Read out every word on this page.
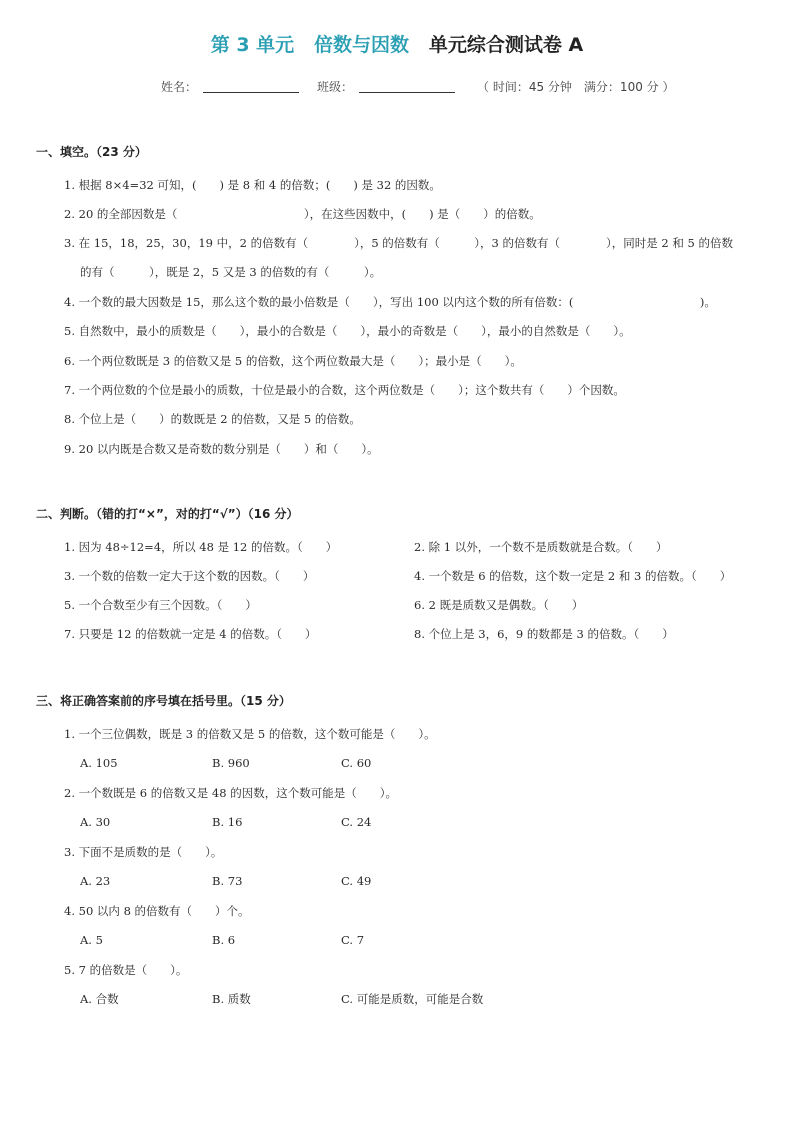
第 3 单元 倍数与因数 单元综合测试卷 A
姓名：	班级：	（ 时间：45 分钟　满分：100 分 ）
一、填空。（23 分）
1. 根据 8×4=32 可知，(　　) 是 8 和 4 的倍数；(　　) 是 32 的因数。
2. 20 的全部因数是（　　　　　　　　　　　），在这些因数中，(　　) 是（　　）的倍数。
3. 在 15，18，25，30，19 中，2 的倍数有（　　　　），5 的倍数有（　　　），3 的倍数有（　　　　），同时是 2 和 5 的倍数
的有（　　　），既是 2，5 又是 3 的倍数的有（　　　）。
4. 一个数的最大因数是 15，那么这个数的最小倍数是（　　），写出 100 以内这个数的所有倍数：(　　　　　　　　　　　)。
5. 自然数中，最小的质数是（　　），最小的合数是（　　），最小的奇数是（　　），最小的自然数是（　　）。
6. 一个两位数既是 3 的倍数又是 5 的倍数，这个两位数最大是（　　）；最小是（　　）。
7. 一个两位数的个位是最小的质数，十位是最小的合数，这个两位数是（　　）；这个数共有（　　）个因数。
8. 个位上是（　　）的数既是 2 的倍数，又是 5 的倍数。
9. 20 以内既是合数又是奇数的数分别是（　　）和（　　）。
二、判断。（错的打“×”，对的打“√”）（16 分）
1. 因为 48÷12=4，所以 48 是 12 的倍数。（　　）	2. 除 1 以外，一个数不是质数就是合数。（　　）
3. 一个数的倍数一定大于这个数的因数。（　　）	4. 一个数是 6 的倍数，这个数一定是 2 和 3 的倍数。（　　）
5. 一个合数至少有三个因数。（　　）	6. 2 既是质数又是偶数。（　　）
7. 只要是 12 的倍数就一定是 4 的倍数。（　　）	8. 个位上是 3，6，9 的数都是 3 的倍数。（　　）
三、将正确答案前的序号填在括号里。（15 分）
1. 一个三位偶数，既是 3 的倍数又是 5 的倍数，这个数可能是（　　）。
A. 105	B. 960	C. 60
2. 一个数既是 6 的倍数又是 48 的因数，这个数可能是（　　）。
A. 30	B. 16	C. 24
3. 下面不是质数的是（　　）。
A. 23	B. 73	C. 49
4. 50 以内 8 的倍数有（　　）个。
A. 5	B. 6	C. 7
5. 7 的倍数是（　　）。
A. 合数	B. 质数	C. 可能是质数，可能是合数
